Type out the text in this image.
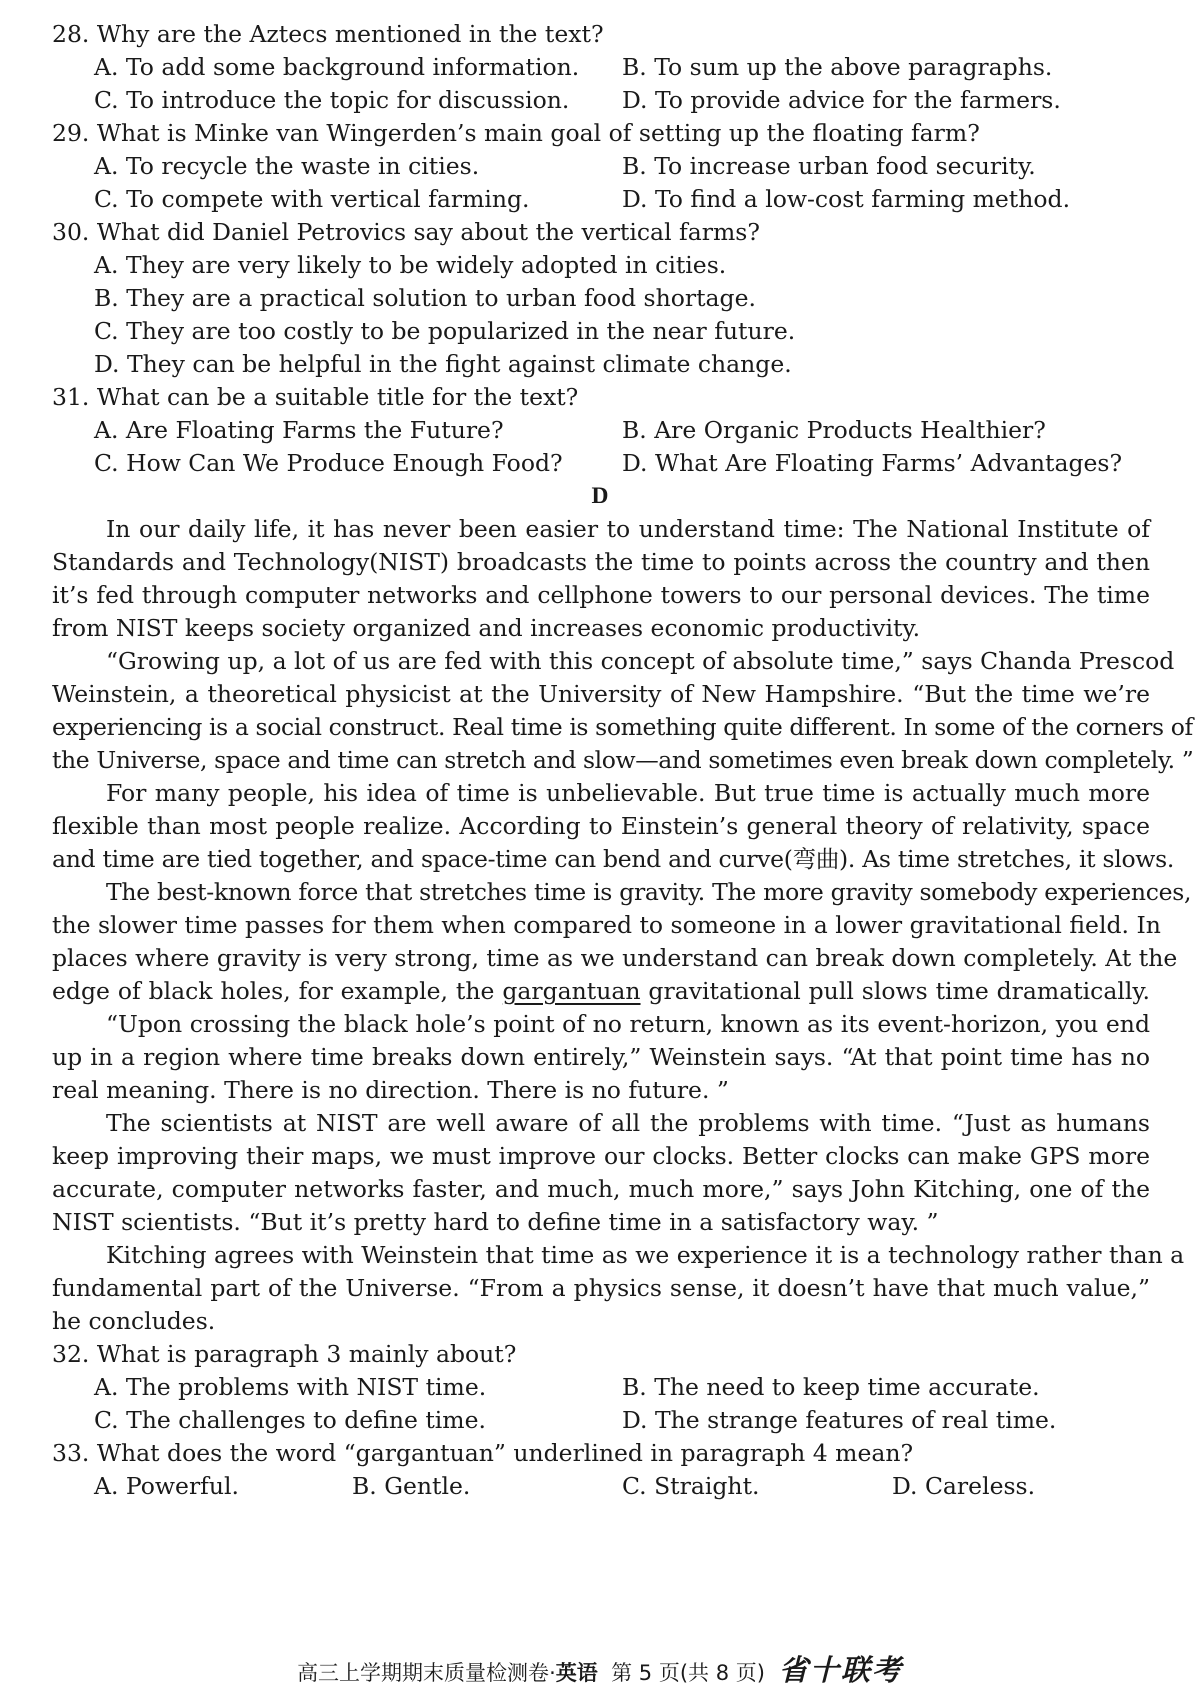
28. Why are the Aztecs mentioned in the text?
A. To add some background information. B. To sum up the above paragraphs.
C. To introduce the topic for discussion. D. To provide advice for the farmers.
29. What is Minke van Wingerden’s main goal of setting up the floating farm?
A. To recycle the waste in cities.	B. To increase urban food security.
C. To compete with vertical farming.	D. To find a low-cost farming method.
30. What did Daniel Petrovics say about the vertical farms?
A. They are very likely to be widely adopted in cities.
B. They are a practical solution to urban food shortage.
C. They are too costly to be popularized in the near future.
D. They can be helpful in the fight against climate change.
31. What can be a suitable title for the text?
A. Are Floating Farms the Future?	B. Are Organic Products Healthier?
C. How Can We Produce Enough Food?	D. What Are Floating Farms’ Advantages?
D
In our daily life, it has never been easier to understand time: The National Institute of
Standards and Technology(NIST) broadcasts the time to points across the country and then
it’s fed through computer networks and cellphone towers to our personal devices. The time
from NIST keeps society organized and increases economic productivity.
“Growing up, a lot of us are fed with this concept of absolute time,” says Chanda Prescod
Weinstein, a theoretical physicist at the University of New Hampshire. “But the time we’re
experiencing is a social construct. Real time is something quite different. In some of the corners of
the Universe, space and time can stretch and slow—and sometimes even break down completely. ”
For many people, his idea of time is unbelievable. But true time is actually much more
flexible than most people realize. According to Einstein’s general theory of relativity, space
and time are tied together, and space-time can bend and curve(弯曲). As time stretches, it slows.
The best-known force that stretches time is gravity. The more gravity somebody experiences,
the slower time passes for them when compared to someone in a lower gravitational field. In
places where gravity is very strong, time as we understand can break down completely. At the
edge of black holes, for example, the gargantuan gravitational pull slows time dramatically.
“Upon crossing the black hole’s point of no return, known as its event-horizon, you end
up in a region where time breaks down entirely,” Weinstein says. “At that point time has no
real meaning. There is no direction. There is no future. ”
The scientists at NIST are well aware of all the problems with time. “Just as humans
keep improving their maps, we must improve our clocks. Better clocks can make GPS more
accurate, computer networks faster, and much, much more,” says John Kitching, one of the
NIST scientists. “But it’s pretty hard to define time in a satisfactory way. ”
Kitching agrees with Weinstein that time as we experience it is a technology rather than a
fundamental part of the Universe. “From a physics sense, it doesn’t have that much value,”
he concludes.
32. What is paragraph 3 mainly about?
A. The problems with NIST time.	B. The need to keep time accurate.
C. The challenges to define time.	D. The strange features of real time.
33. What does the word “gargantuan” underlined in paragraph 4 mean?
A. Powerful.	B. Gentle.	C. Straight.	D. Careless.
高三上学期期末质量检测卷·英语 第 5 页(共 8 页) 省十联考
